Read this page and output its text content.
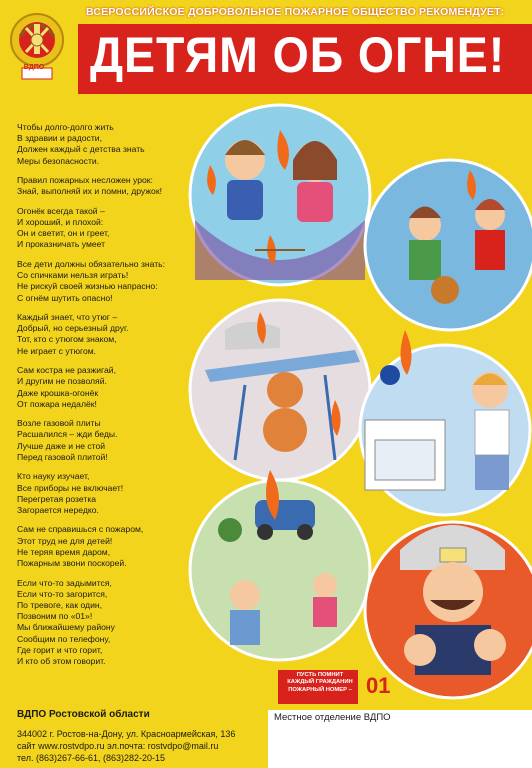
ВДПО
ВСЕРОССИЙСКОЕ ДОБРОВОЛЬНОЕ ПОЖАРНОЕ ОБЩЕСТВО РЕКОМЕНДУЕТ:
ДЕТЯМ ОБ ОГНЕ!
Чтобы долго-долго жить
В здравии и радости,
Должен каждый с детства знать
Меры безопасности.
Правил пожарных несложен урок:
Знай, выполняй их и помни, дружок!
Огонёк всегда такой –
И хороший, и плохой:
Он и светит, он и греет,
И проказничать умеет
Все дети должны обязательно знать:
Со спичками нельзя играть!
Не рискуй своей жизнью напрасно:
С огнём шутить опасно!
Каждый знает, что утюг –
Добрый, но серьезный друг.
Тот, кто с утюгом знаком,
Не играет с утюгом.
Сам костра не разжигай,
И другим не позволяй.
Даже крошка-огонёк
От пожара недалёк!
Возле газовой плиты
Расшалился – жди беды.
Лучше даже и не стой
Перед газовой плитой!
Кто науку изучает,
Все приборы не включает!
Перегретая розетка
Загорается нередко.
Сам не справишься с пожаром,
Этот труд не для детей!
Не теряя время даром,
Пожарным звони поскорей.
Если что-то задымится,
Если что-то загорится,
По тревоге, как один,
Позвоним по «01»!
Мы ближайшему району
Сообщим по телефону,
Где горит и что горит,
И кто об этом говорит.
ПУСТЬ ПОМНИТ
КАЖДЫЙ ГРАЖДАНИН
ПОЖАРНЫЙ НОМЕР – 01
ВДПО Ростовской области
344002 г. Ростов-на-Дону, ул. Красноармейская, 136
сайт www.rostvdpo.ru эл.почта: rostvdpo@mail.ru
тел. (863)267-66-61, (863)282-20-15
Местное отделение ВДПО
